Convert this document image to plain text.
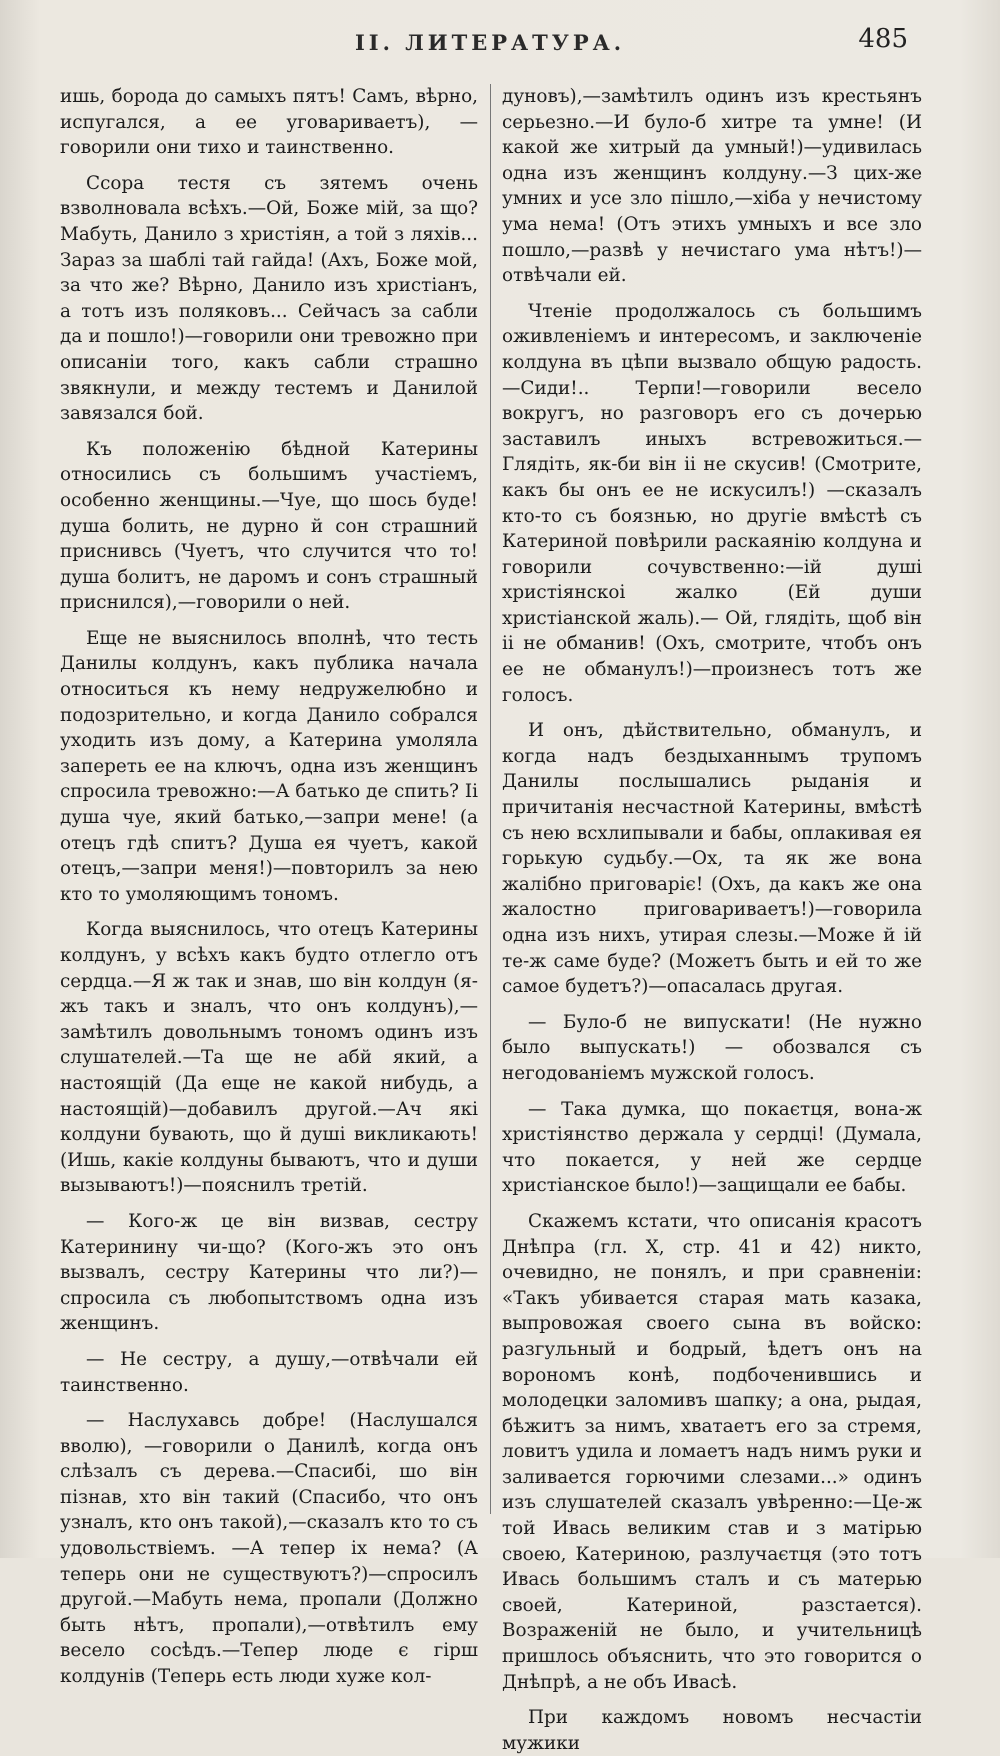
II. ЛИТЕРАТУРА.	485

ишь, борода до самыхъ пятъ! Самъ, вѣрно, испугался, а ее уговариваетъ), — говорили они тихо и таинственно.

Ссора тестя съ зятемъ очень взволновала всѣхъ.—Ой, Боже мій, за що? Мабуть, Данило з христіян, а той з ляхів... Зараз за шаблі тай гайда! (Ахъ, Боже мой, за что же? Вѣрно, Данило изъ христіанъ, а тотъ изъ поляковъ... Сейчасъ за сабли да и пошло!)—говорили они тревожно при описаніи того, какъ сабли страшно звякнули, и между тестемъ и Данилой завязался бой.

Къ положенію бѣдной Катерины относились съ большимъ участіемъ, особенно женщины.—Чуе, що шось буде! душа болить, не дурно й сон страшний приснивсь (Чуетъ, что случится что то! душа болитъ, не даромъ и сонъ страшный приснился),—говорили о ней.

Еще не выяснилось вполнѣ, что тесть Данилы колдунъ, какъ публика начала относиться къ нему недружелюбно и подозрительно, и когда Данило собрался уходить изъ дому, а Катерина умоляла запереть ее на ключъ, одна изъ женщинъ спросила тревожно:—А батько де спить? Іі душа чуе, який батько,—запри мене! (а отецъ гдѣ спитъ? Душа ея чуетъ, какой отецъ,—запри меня!)—повторилъ за нею кто то умоляющимъ тономъ.

Когда выяснилось, что отецъ Катерины колдунъ, у всѣхъ какъ будто отлегло отъ сердца.—Я ж так и знав, шо він колдун (я-жъ такъ и зналъ, что онъ колдунъ),—замѣтилъ довольнымъ тономъ одинъ изъ слушателей.—Та ще не абй який, а настоящій (Да еще не какой нибудь, а настоящій)—добавилъ другой.—Ач які колдуни бувають, що й душі викликають! (Ишь, какіе колдуны бываютъ, что и души вызываютъ!)—пояснилъ третій.

— Кого-ж це він визвав, сестру Катеринину чи-що? (Кого-жъ это онъ вызвалъ, сестру Катерины что ли?)—спросила съ любопытствомъ одна изъ женщинъ.

— Не сестру, а душу,—отвѣчали ей таинственно.

— Наслухавсь добре! (Наслушался вволю), —говорили о Данилѣ, когда онъ слѣзалъ съ дерева.—Спасибі, шо він пізнав, хто він такий (Спасибо, что онъ узналъ, кто онъ такой),—сказалъ кто то съ удовольствіемъ. —А тепер іх нема? (А теперь они не существуютъ?)—спросилъ другой.—Мабуть нема, пропали (Должно быть нѣтъ, пропали),—отвѣтилъ ему весело сосѣдъ.—Тепер люде є гірш колдунів (Теперь есть люди хуже кол-

дуновъ),—замѣтилъ одинъ изъ крестьянъ серьезно.—И було-б хитре та умне! (И какой же хитрый да умный!)—удивилась одна изъ женщинъ колдуну.—З цих-же умних и усе зло пішло,—хіба у нечистому ума нема! (Отъ этихъ умныхъ и все зло пошло,—развѣ у нечистаго ума нѣтъ!)—отвѣчали ей.

Чтеніе продолжалось съ большимъ оживленіемъ и интересомъ, и заключеніе колдуна въ цѣпи вызвало общую радость.—Сиди!.. Терпи!—говорили весело вокругъ, но разговоръ его съ дочерью заставилъ иныхъ встревожиться.—Глядіть, як-би він іі не скусив! (Смотрите, какъ бы онъ ее не искусилъ!) —сказалъ кто-то съ боязнью, но другіе вмѣстѣ съ Катериной повѣрили раскаянію колдуна и говорили сочувственно:—ій душі христіянскоі жалко (Ей души христіанской жаль).— Ой, глядіть, щоб він іі не обманив! (Охъ, смотрите, чтобъ онъ ее не обманулъ!)—произнесъ тотъ же голосъ.

И онъ, дѣйствительно, обманулъ, и когда надъ бездыханнымъ трупомъ Данилы послышались рыданія и причитанія несчастной Катерины, вмѣстѣ съ нею всхлипывали и бабы, оплакивая ея горькую судьбу.—Ох, та як же вона жалібно приговаріє! (Охъ, да какъ же она жалостно приговариваетъ!)—говорила одна изъ нихъ, утирая слезы.—Може й ій те-ж саме буде? (Можетъ быть и ей то же самое будетъ?)—опасалась другая.

— Було-б не випускати! (Не нужно было выпускать!) — обозвался съ негодованіемъ мужской голосъ.

— Така думка, що покаєтця, вона-ж христіянство держала у сердці! (Думала, что покается, у ней же сердце христіанское было!)—защищали ее бабы.

Скажемъ кстати, что описанія красотъ Днѣпра (гл. X, стр. 41 и 42) никто, очевидно, не понялъ, и при сравненіи: «Такъ убивается старая мать казака, выпровожая своего сына въ войско: разгульный и бодрый, ѣдетъ онъ на ворономъ конѣ, подбоченившись и молодецки заломивъ шапку; а она, рыдая, бѣжитъ за нимъ, хватаетъ его за стремя, ловитъ удила и ломаетъ надъ нимъ руки и заливается горючими слезами...» одинъ изъ слушателей сказалъ увѣренно:—Це-ж той Ивась великим став и з матірью своею, Катериною, разлучаєтця (это тотъ Ивась большимъ сталъ и съ матерью своей, Катериной, разстается). Возраженій не было, и учительницѣ пришлось объяснить, что это говорится о Днѣпрѣ, а не объ Ивасѣ.

При каждомъ новомъ несчастіи мужики
